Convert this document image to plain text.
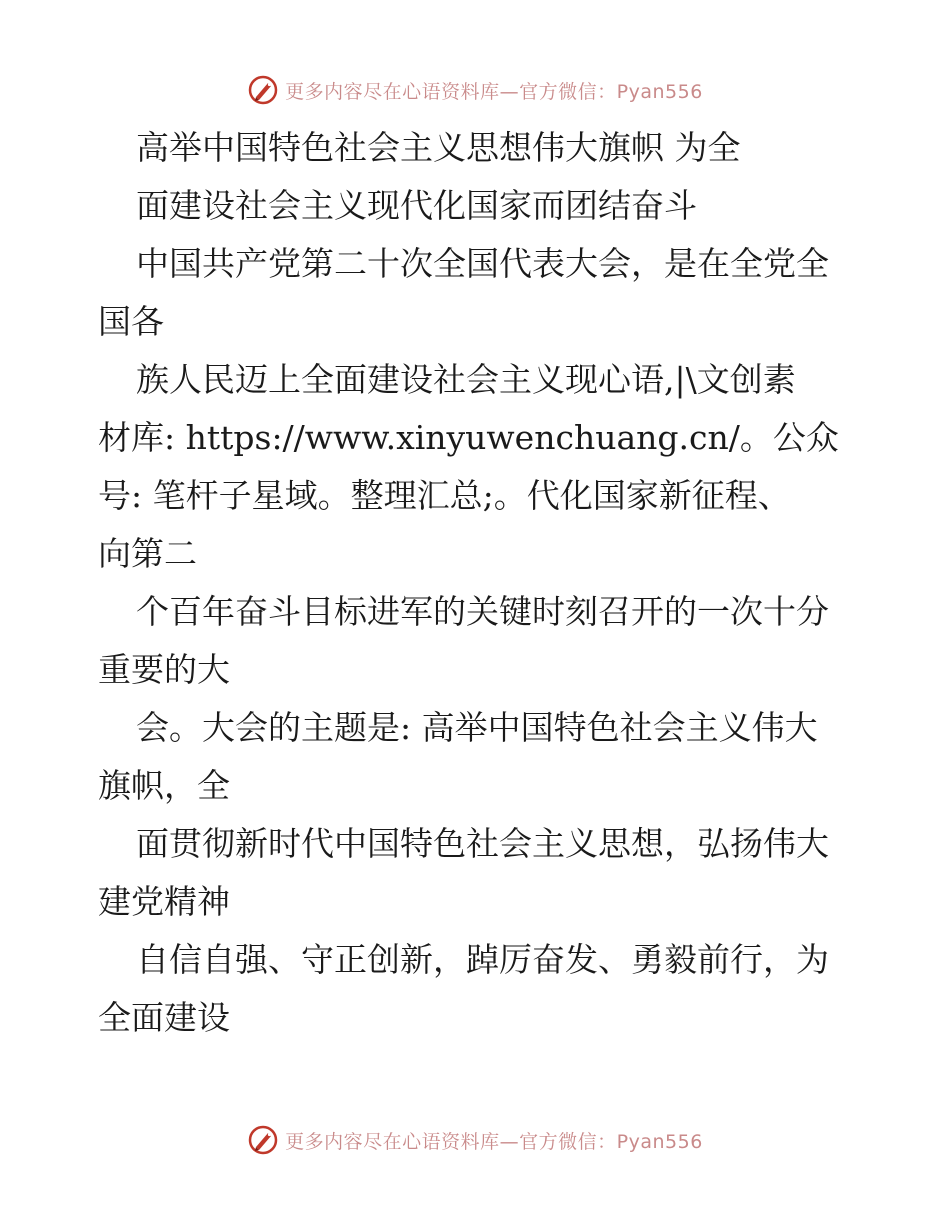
更多内容尽在心语资料库—官方微信：Pyan556
高举中国特色社会主义思想伟大旗帜 为全
面建设社会主义现代化国家而团结奋斗
中国共产党第二十次全国代表大会，是在全党全
国各
族人民迈上全面建设社会主义现心语,|\文创素
材库: https://www.xinyuwenchuang.cn/。公众
号: 笔杆子星域。整理汇总;。代化国家新征程、
向第二
个百年奋斗目标进军的关键时刻召开的一次十分
重要的大
会。大会的主题是: 高举中国特色社会主义伟大
旗帜，全
面贯彻新时代中国特色社会主义思想，弘扬伟大
建党精神
自信自强、守正创新，踔厉奋发、勇毅前行，为
全面建设
更多内容尽在心语资料库—官方微信：Pyan556
